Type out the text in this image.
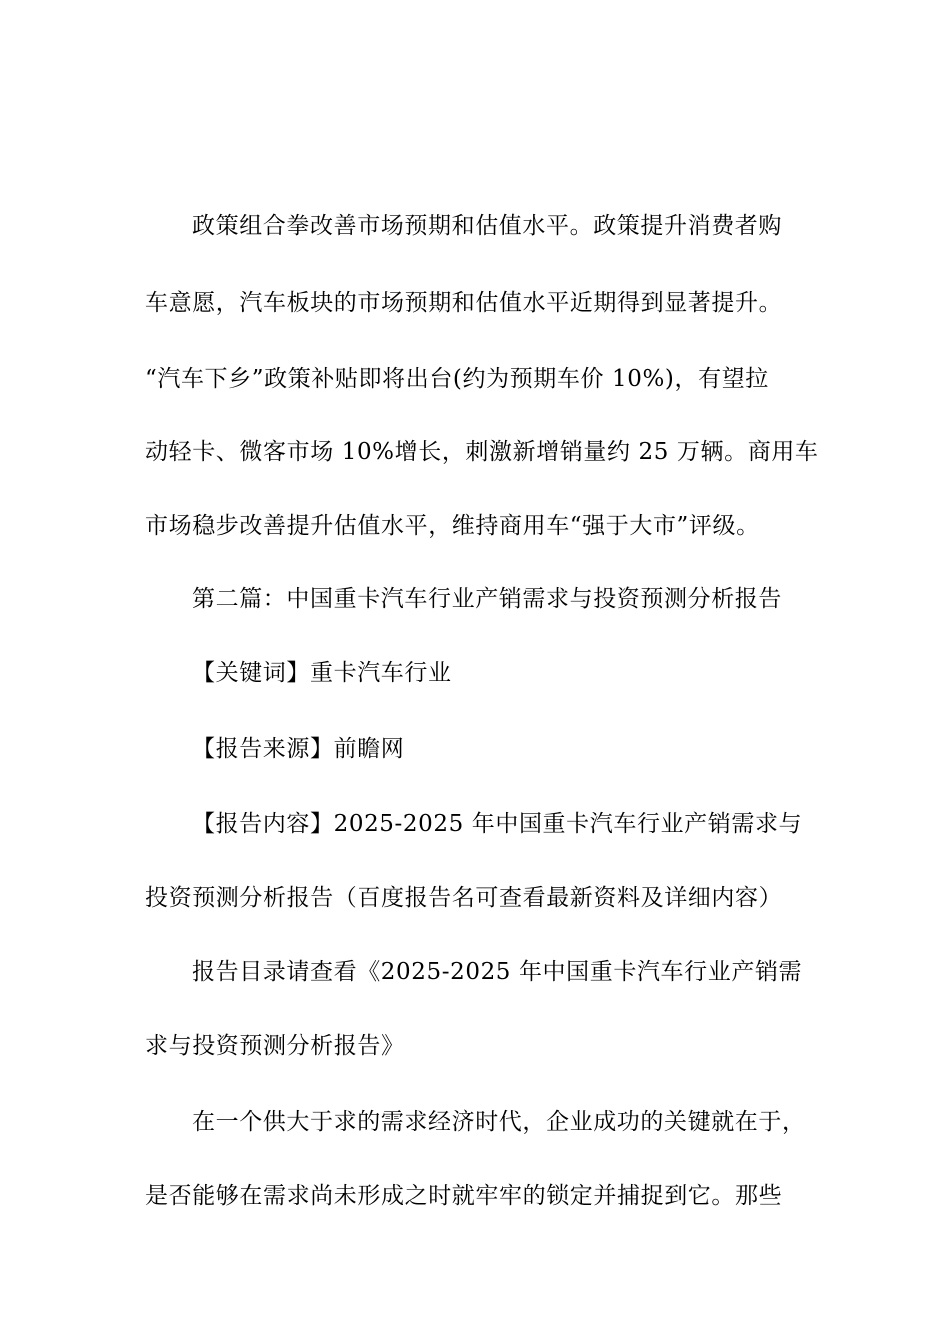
政策组合拳改善市场预期和估值水平。政策提升消费者购
车意愿，汽车板块的市场预期和估值水平近期得到显著提升。
“汽车下乡”政策补贴即将出台(约为预期车价 10%)，有望拉
动轻卡、微客市场 10%增长，刺激新增销量约 25 万辆。商用车
市场稳步改善提升估值水平，维持商用车“强于大市”评级。
第二篇：中国重卡汽车行业产销需求与投资预测分析报告
【关键词】重卡汽车行业
【报告来源】前瞻网
【报告内容】2025-2025 年中国重卡汽车行业产销需求与
投资预测分析报告（百度报告名可查看最新资料及详细内容）
报告目录请查看《2025-2025 年中国重卡汽车行业产销需
求与投资预测分析报告》
在一个供大于求的需求经济时代，企业成功的关键就在于，
是否能够在需求尚未形成之时就牢牢的锁定并捕捉到它。那些
